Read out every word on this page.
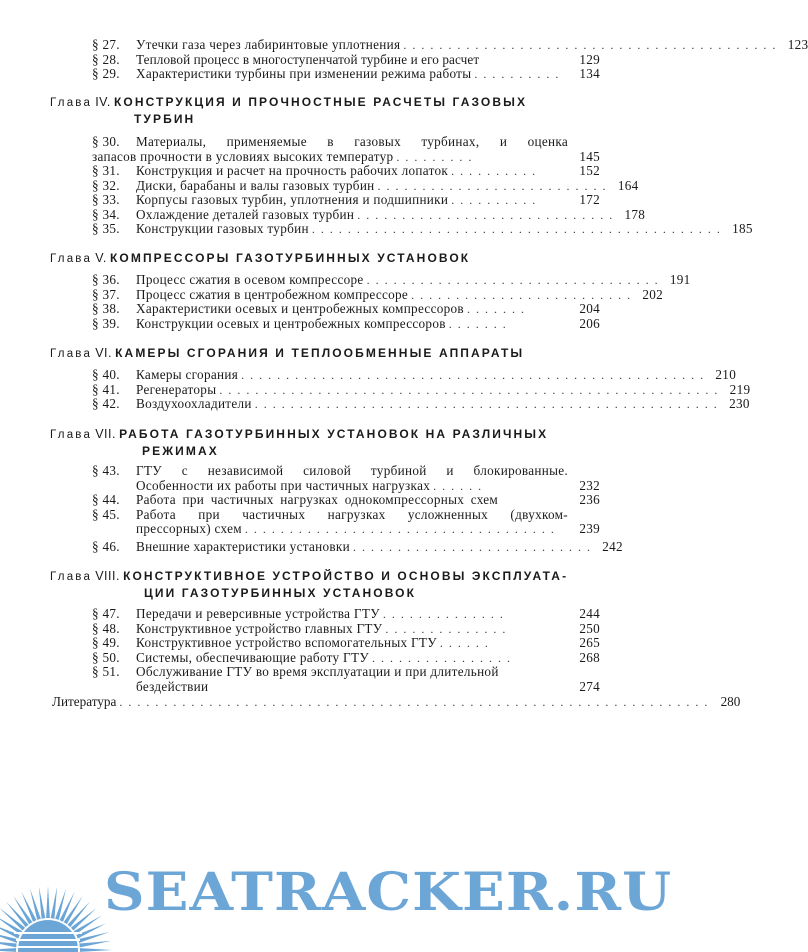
§ 27. Утечки газа через лабиринтовые уплотнения .......................................... 123
§ 28. Тепловой процесс в многоступенчатой турбине и его расчет	129
§ 29. Характеристики турбины при изменении режима работы ..........	134
Глава IV. КОНСТРУКЦИЯ И ПРОЧНОСТНЫЕ РАСЧЕТЫ ГАЗОВЫХ
ТУРБИН
§ 30. Материалы, применяемые в газовых турбинах, и оценка
запасов прочности в условиях высоких температур .........	145
§ 31. Конструкция и расчет на прочность рабочих лопаток ..........	152
§ 32. Диски, барабаны и валы газовых турбин .......................... 164
§ 33. Корпусы газовых турбин, уплотнения и подшипники ..........	172
§ 34. Охлаждение деталей газовых турбин ............................. 178
§ 35. Конструкции газовых турбин .............................................. 185
Глава V. КОМПРЕССОРЫ ГАЗОТУРБИННЫХ УСТАНОВОК
§ 36. Процесс сжатия в осевом компрессоре ................................. 191
§ 37. Процесс сжатия в центробежном компрессоре ......................... 202
§ 38. Характеристики осевых и центробежных компрессоров .......	204
§ 39. Конструкции осевых и центробежных компрессоров .......	206
Глава VI. КАМЕРЫ СГОРАНИЯ И ТЕПЛООБМЕННЫЕ АППАРАТЫ
§ 40. Камеры сгорания .................................................... 210
§ 41. Регенераторы ........................................................ 219
§ 42. Воздухоохладители .................................................... 230
Глава VII. РАБОТА ГАЗОТУРБИННЫХ УСТАНОВОК НА РАЗЛИЧНЫХ
РЕЖИМАХ
§ 43. ГТУ с независимой силовой турбиной и блокированные.
Особенности их работы при частичных нагрузках ......	232
§ 44. Работа при частичных нагрузках однокомпрессорных схем	236
§ 45. Работа при частичных нагрузках усложненных (двухком-
прессорных) схем ...................................	239
§ 46. Внешние характеристики установки ........................... 242
Глава VIII. КОНСТРУКТИВНОЕ УСТРОЙСТВО И ОСНОВЫ ЭКСПЛУАТА-
ЦИИ ГАЗОТУРБИННЫХ УСТАНОВОК
§ 47. Передачи и реверсивные устройства ГТУ ..............	244
§ 48. Конструктивное устройство главных ГТУ ..............	250
§ 49. Конструктивное устройство вспомогательных ГТУ ......	265
§ 50. Системы, обеспечивающие работу ГТУ ................	268
§ 51. Обслуживание ГТУ во время эксплуатации и при длительной
бездействии	274
Литература .................................................................. 280
SEATRACKER.RU
